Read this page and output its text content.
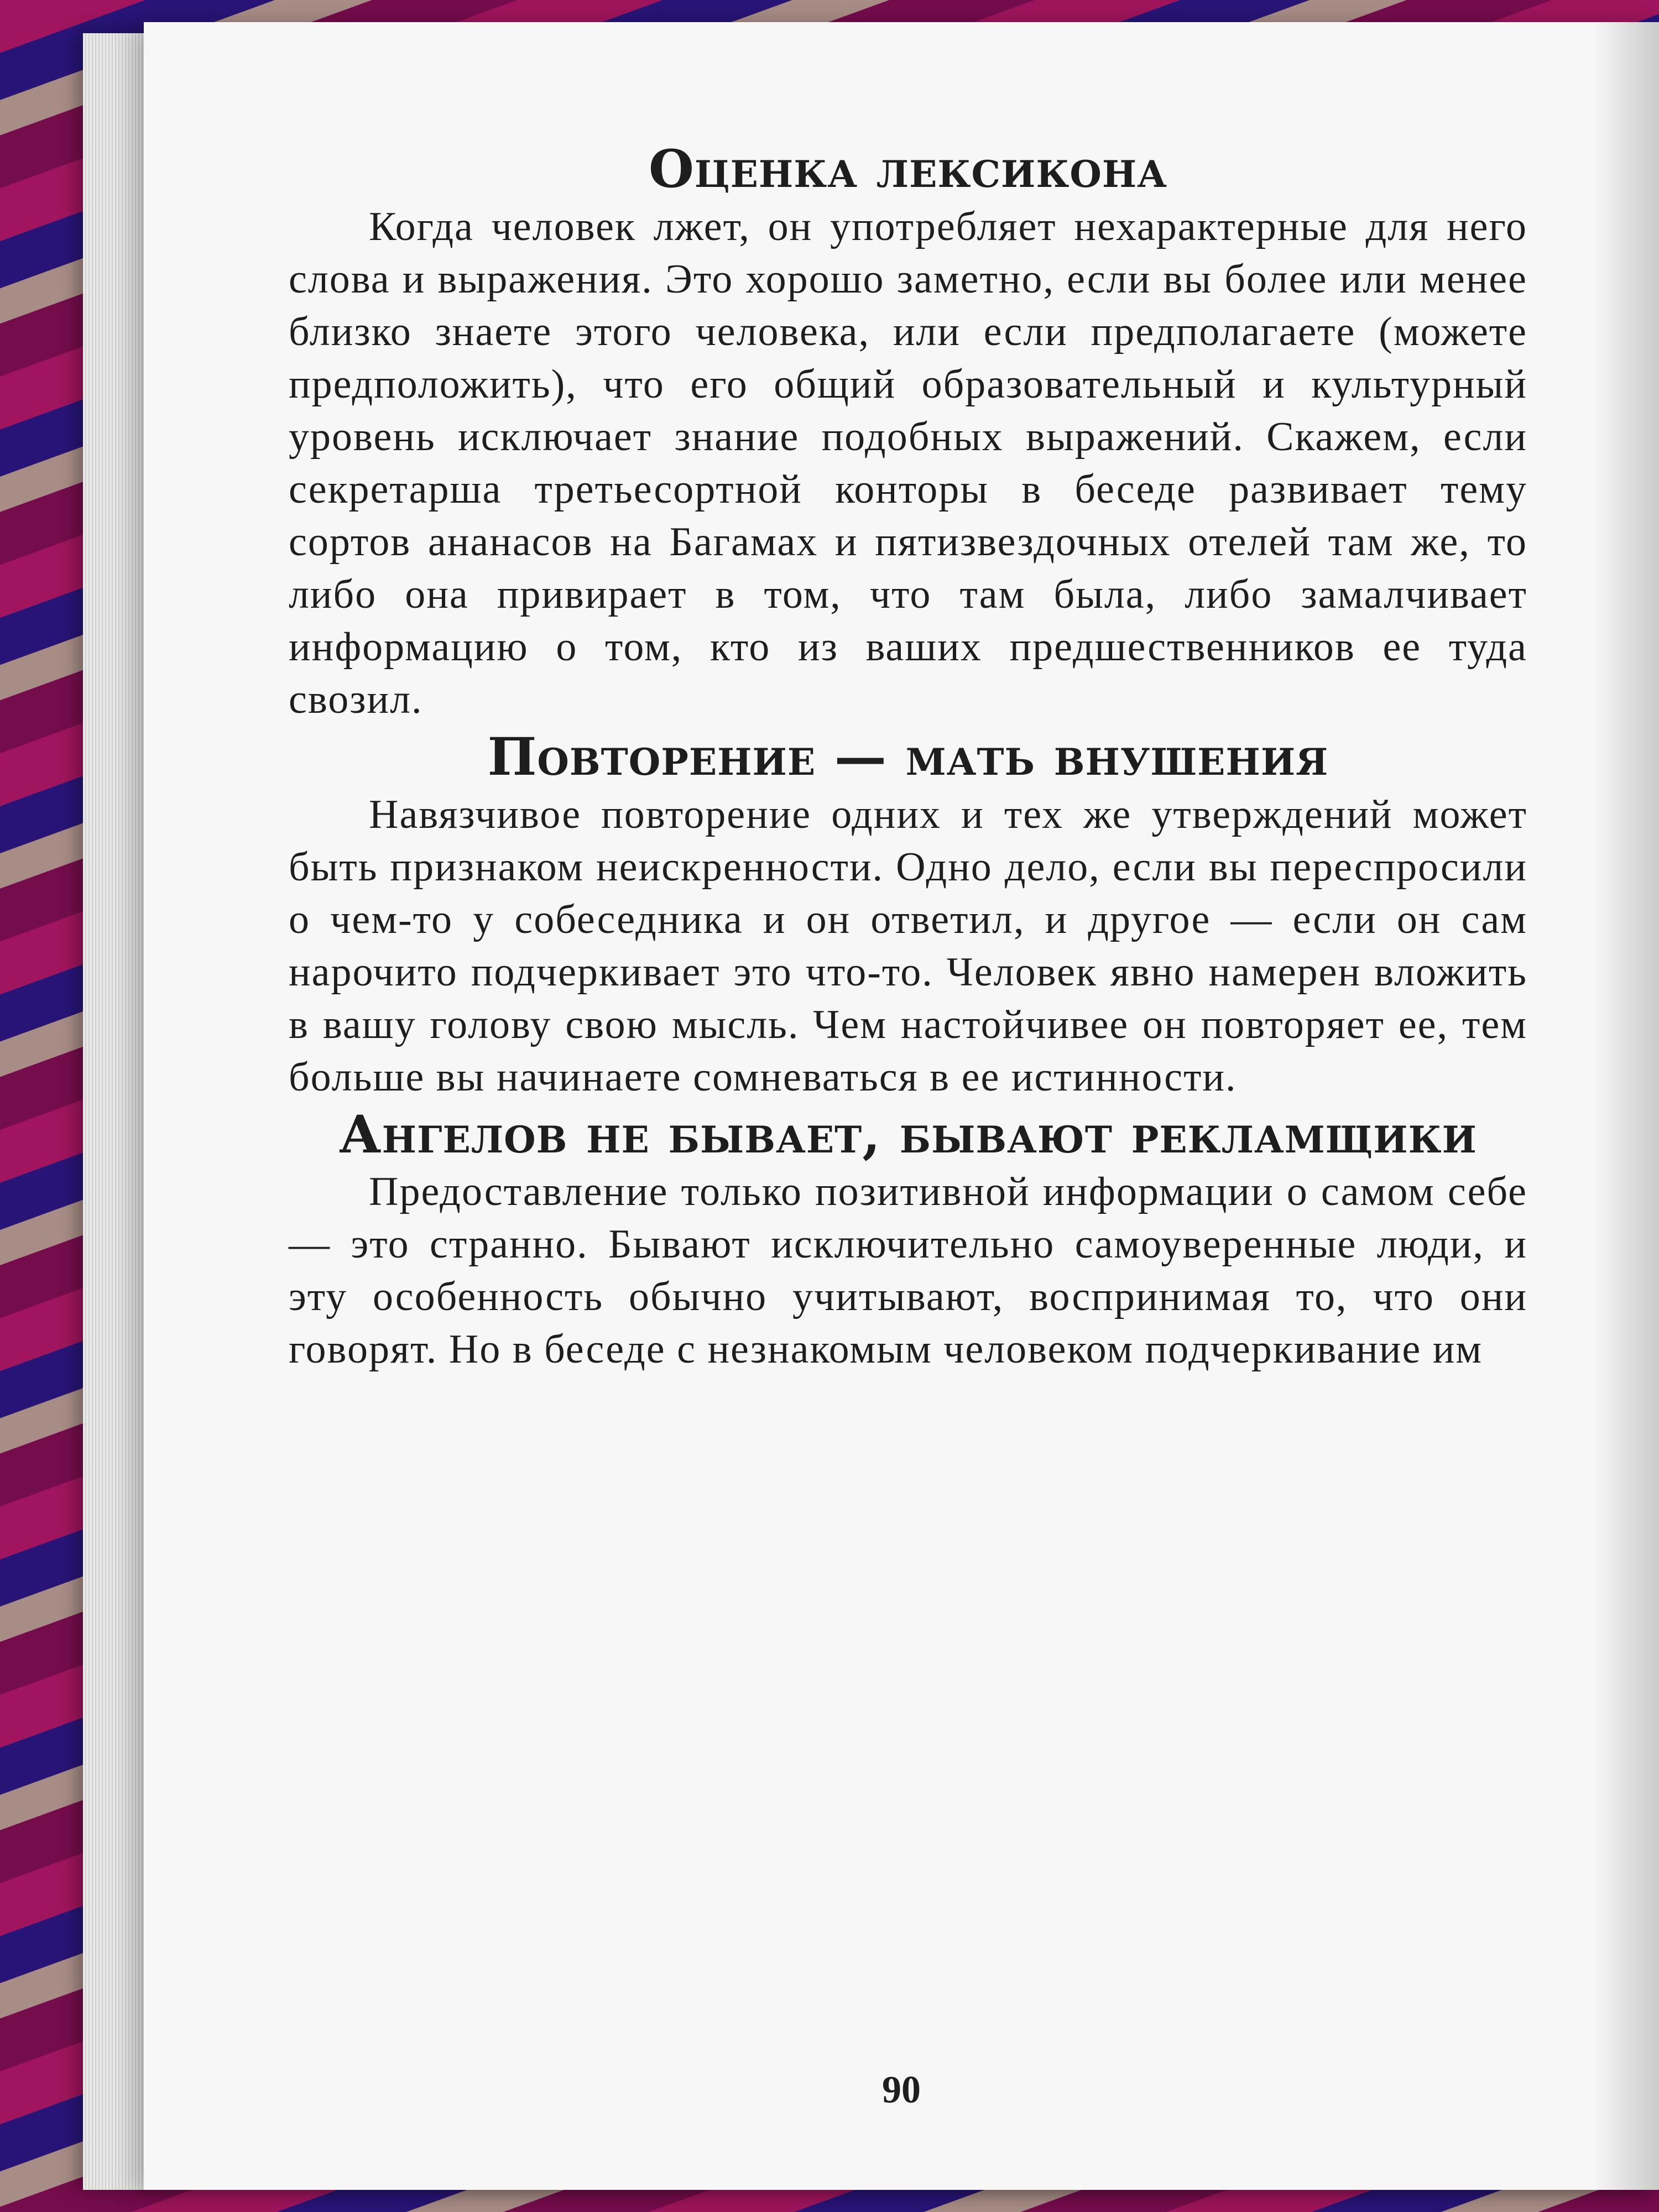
Оценка лексикона

Когда человек лжет, он употребляет нехарактерные для него слова и выражения. Это хорошо заметно, если вы более или менее близко знаете этого человека, или если предполагаете (можете предположить), что его общий образовательный и культурный уровень исключает знание подобных выражений. Скажем, если секретарша третьесортной конторы в беседе развивает тему сортов ананасов на Багамах и пятизвездочных отелей там же, то либо она привирает в том, что там была, либо замалчивает информацию о том, кто из ваших предшественников ее туда свозил.

Повторение — мать внушения

Навязчивое повторение одних и тех же утверждений может быть признаком неискренности. Одно дело, если вы переспросили о чем-то у собеседника и он ответил, и другое — если он сам нарочито подчеркивает это что-то. Человек явно намерен вложить в вашу голову свою мысль. Чем настойчивее он повторяет ее, тем больше вы начинаете сомневаться в ее истинности.

Ангелов не бывает, бывают рекламщики

Предоставление только позитивной информации о самом себе — это странно. Бывают исключительно самоуверенные люди, и эту особенность обычно учитывают, воспринимая то, что они говорят. Но в беседе с незнакомым человеком подчеркивание им

90
